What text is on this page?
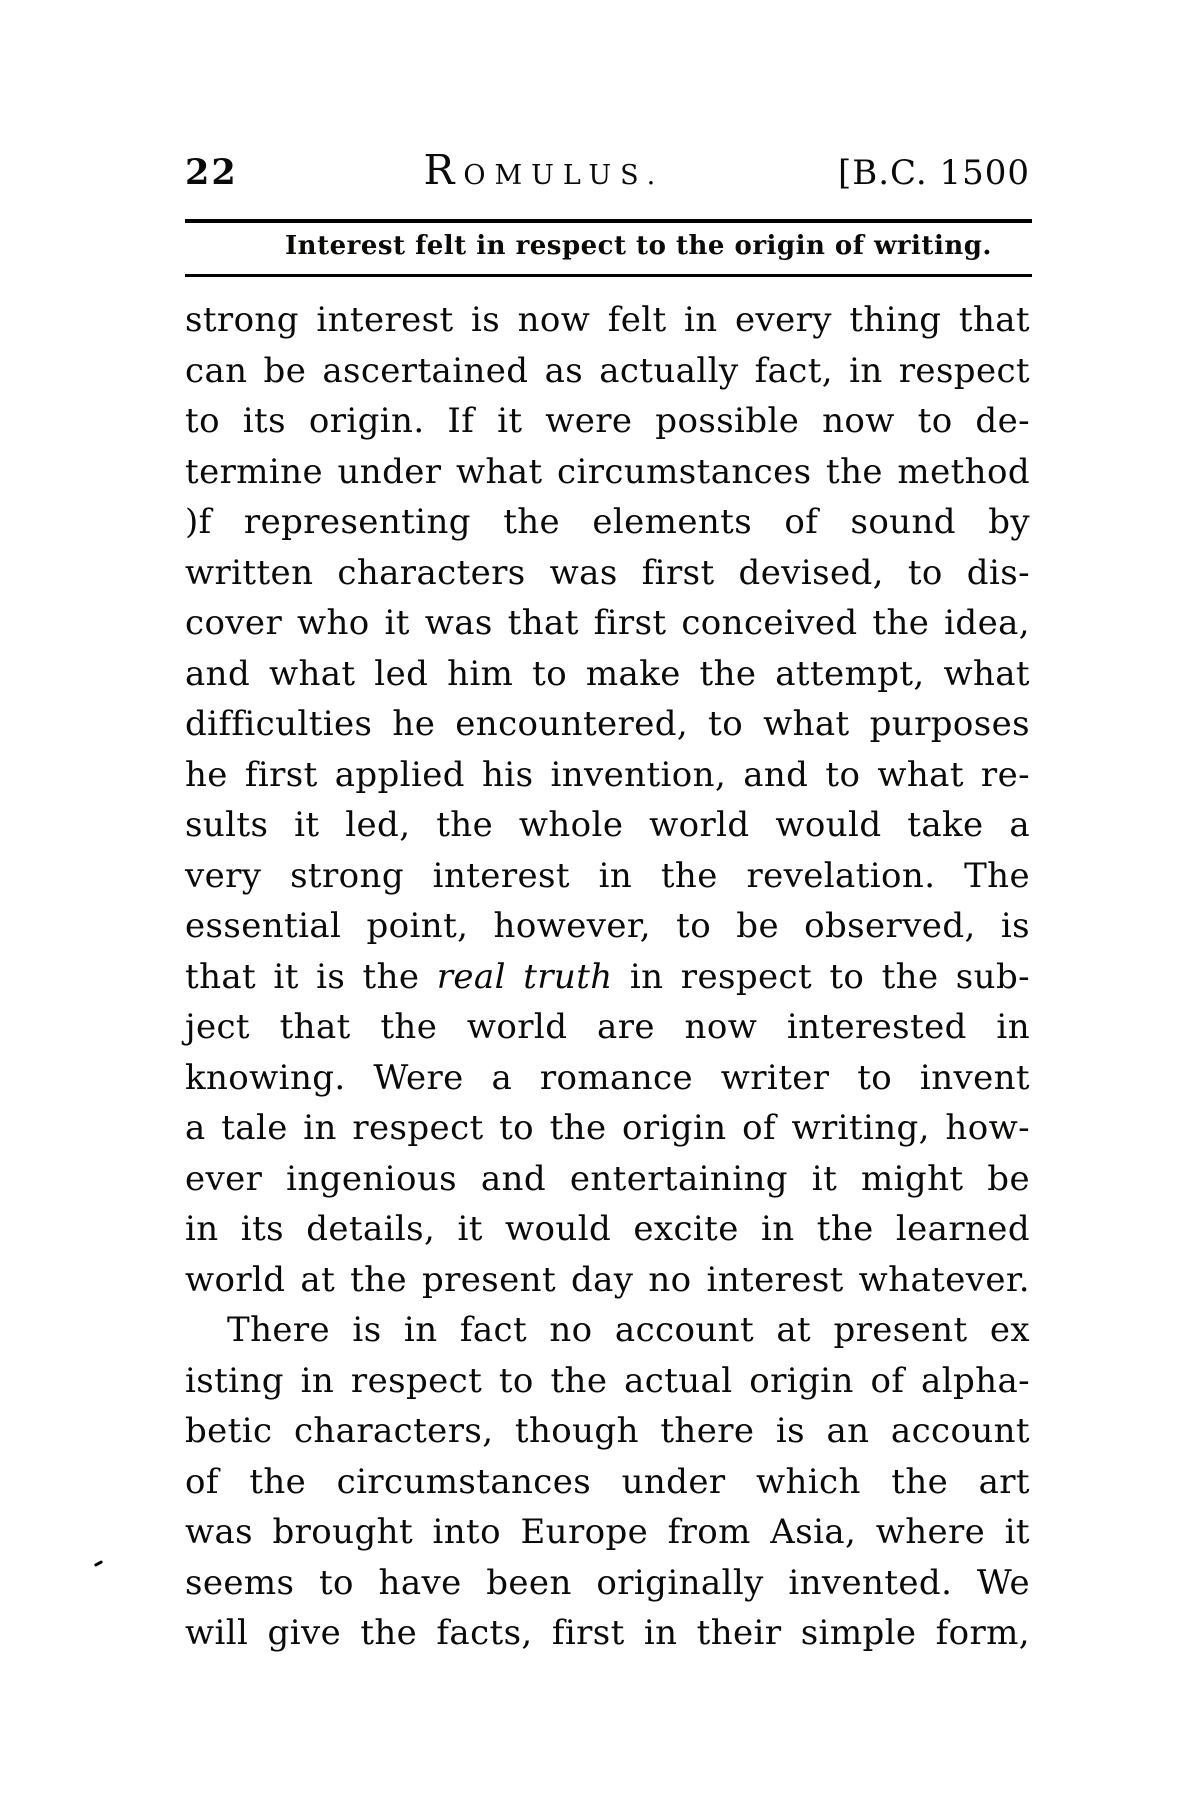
22	ROMULUS.	[B.C. 1500
Interest felt in respect to the origin of writing.
strong interest is now felt in every thing that
can be ascertained as actually fact, in respect
to its origin. If it were possible now to de-
termine under what circumstances the method
)f representing the elements of sound by
written characters was first devised, to dis-
cover who it was that first conceived the idea,
and what led him to make the attempt, what
difficulties he encountered, to what purposes
he first applied his invention, and to what re-
sults it led, the whole world would take a
very strong interest in the revelation. The
essential point, however, to be observed, is
that it is the real truth in respect to the sub-
ject that the world are now interested in
knowing. Were a romance writer to invent
a tale in respect to the origin of writing, how-
ever ingenious and entertaining it might be
in its details, it would excite in the learned
world at the present day no interest whatever.
There is in fact no account at present ex
isting in respect to the actual origin of alpha-
betic characters, though there is an account
of the circumstances under which the art
was brought into Europe from Asia, where it
seems to have been originally invented. We
will give the facts, first in their simple form,
